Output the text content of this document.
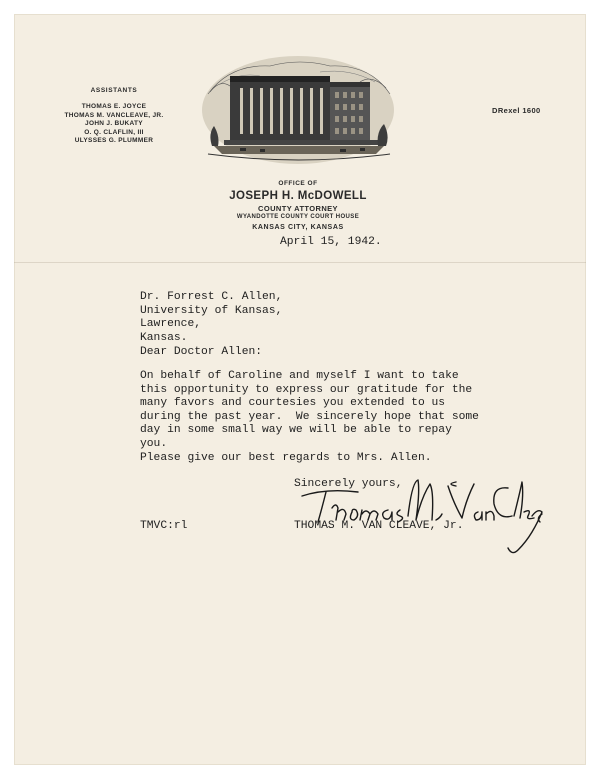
ASSISTANTS
THOMAS E. JOYCE
THOMAS M. VANCLEAVE, JR.
JOHN J. BUKATY
O. Q. CLAFLIN, III
ULYSSES G. PLUMMER
DRexel 1600
OFFICE OF
JOSEPH H. McDOWELL
COUNTY ATTORNEY
WYANDOTTE COUNTY COURT HOUSE
KANSAS CITY, KANSAS
April 15, 1942.
Dr. Forrest C. Allen,
University of Kansas,
Lawrence,
Kansas.
Dear Doctor Allen:
On behalf of Caroline and myself I want to take
this opportunity to express our gratitude for the
many favors and courtesies you extended to us
during the past year.  We sincerely hope that some
day in some small way we will be able to repay
you.
Please give our best regards to Mrs. Allen.
Sincerely yours,
TMVC:rl	THOMAS M. VAN CLEAVE, Jr.
